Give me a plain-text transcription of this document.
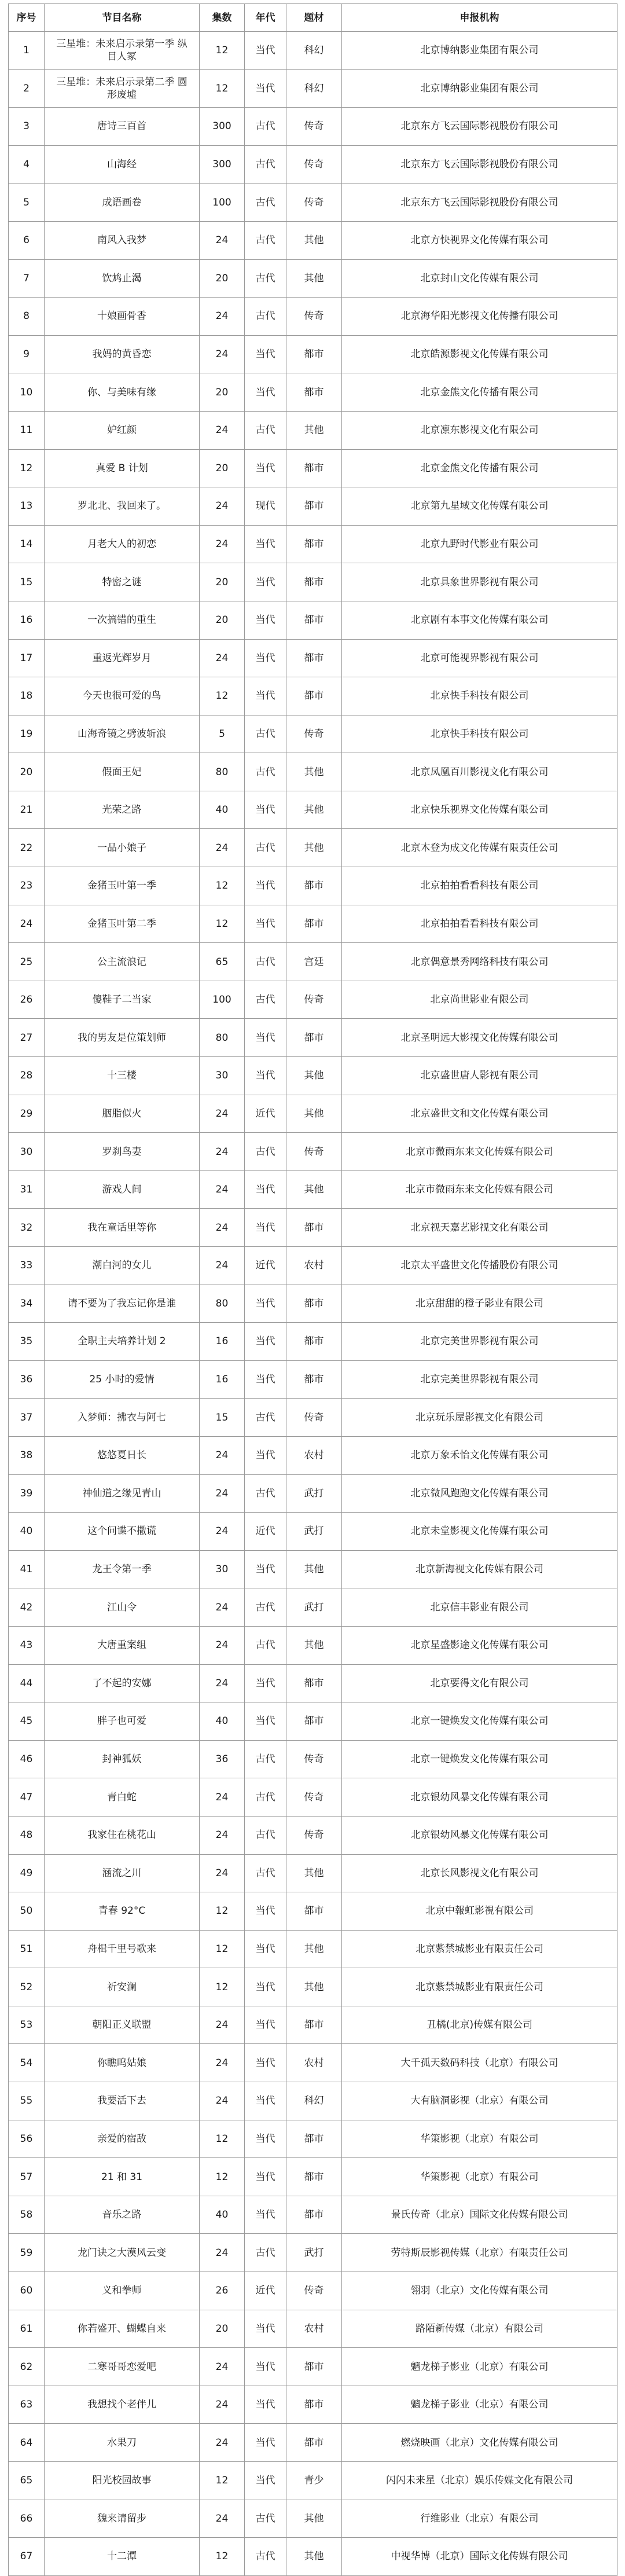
序号	节目名称	集数	年代	题材	申报机构
1	三星堆：未来启示录第一季 纵目人冢	12	当代	科幻	北京博纳影业集团有限公司
2	三星堆：未来启示录第二季 圆形废墟	12	当代	科幻	北京博纳影业集团有限公司
3	唐诗三百首	300	古代	传奇	北京东方飞云国际影视股份有限公司
4	山海经	300	古代	传奇	北京东方飞云国际影视股份有限公司
5	成语画卷	100	古代	传奇	北京东方飞云国际影视股份有限公司
6	南风入我梦	24	古代	其他	北京方快视界文化传媒有限公司
7	饮鸩止渴	20	古代	其他	北京封山文化传媒有限公司
8	十娘画骨香	24	古代	传奇	北京海华阳光影视文化传播有限公司
9	我妈的黄昏恋	24	当代	都市	北京皓源影视文化传媒有限公司
10	你、与美味有缘	20	当代	都市	北京金熊文化传播有限公司
11	妒红颜	24	古代	其他	北京凛东影视文化有限公司
12	真爱 B 计划	20	当代	都市	北京金熊文化传播有限公司
13	罗北北、我回来了。	24	现代	都市	北京第九星域文化传媒有限公司
14	月老大人的初恋	24	当代	都市	北京九野时代影业有限公司
15	特密之谜	20	当代	都市	北京具象世界影视有限公司
16	一次搞错的重生	20	当代	都市	北京剧有本事文化传媒有限公司
17	重返光辉岁月	24	当代	都市	北京可能视界影视有限公司
18	今天也很可爱的鸟	12	当代	都市	北京快手科技有限公司
19	山海奇镜之劈波斩浪	5	古代	传奇	北京快手科技有限公司
20	假面王妃	80	古代	其他	北京凤凰百川影视文化有限公司
21	光荣之路	40	当代	其他	北京快乐视界文化传媒有限公司
22	一品小娘子	24	古代	其他	北京木登为成文化传媒有限责任公司
23	金猪玉叶第一季	12	当代	都市	北京拍拍看看科技有限公司
24	金猪玉叶第二季	12	当代	都市	北京拍拍看看科技有限公司
25	公主流浪记	65	古代	宫廷	北京偶意景秀网络科技有限公司
26	傻鞋子二当家	100	古代	传奇	北京尚世影业有限公司
27	我的男友是位策划师	80	当代	都市	北京圣明远大影视文化传媒有限公司
28	十三楼	30	当代	其他	北京盛世唐人影视有限公司
29	胭脂似火	24	近代	其他	北京盛世文和文化传媒有限公司
30	罗刹鸟妻	24	古代	传奇	北京市微雨东来文化传媒有限公司
31	游戏人间	24	当代	其他	北京市微雨东来文化传媒有限公司
32	我在童话里等你	24	当代	都市	北京视天嘉艺影视文化有限公司
33	潮白河的女儿	24	近代	农村	北京太平盛世文化传播股份有限公司
34	请不要为了我忘记你是谁	80	当代	都市	北京甜甜的橙子影业有限公司
35	全职主夫培养计划 2	16	当代	都市	北京完美世界影视有限公司
36	25 小时的爱情	16	当代	都市	北京完美世界影视有限公司
37	入梦师：拂衣与阿七	15	古代	传奇	北京玩乐屋影视文化有限公司
38	悠悠夏日长	24	当代	农村	北京万象禾怡文化传媒有限公司
39	神仙道之缘见青山	24	古代	武打	北京微风跑跑文化传媒有限公司
40	这个问谍不撒谎	24	近代	武打	北京未堂影视文化传媒有限公司
41	龙王令第一季	30	当代	其他	北京新海视文化传媒有限公司
42	江山令	24	古代	武打	北京信丰影业有限公司
43	大唐重案组	24	古代	其他	北京星盛影途文化传媒有限公司
44	了不起的安娜	24	当代	都市	北京要得文化有限公司
45	胖子也可爱	40	当代	都市	北京一键焕发文化传媒有限公司
46	封神狐妖	36	古代	传奇	北京一键焕发文化传媒有限公司
47	青白蛇	24	古代	传奇	北京银幼风暴文化传媒有限公司
48	我家住在桃花山	24	古代	传奇	北京银幼风暴文化传媒有限公司
49	涵流之川	24	古代	其他	北京长风影视文化有限公司
50	青春 92°C	12	当代	都市	北京中報虹影視有限公司
51	舟楫千里号歌来	12	当代	其他	北京紫禁城影业有限责任公司
52	祈安澜	12	当代	其他	北京紫禁城影业有限责任公司
53	朝阳正义联盟	24	当代	都市	丑橘(北京)传媒有限公司
54	你瞧呜姑娘	24	当代	农村	大千孤天数码科技（北京）有限公司
55	我要活下去	24	当代	科幻	大有脑洞影视（北京）有限公司
56	亲爱的宿敌	12	当代	都市	华策影视（北京）有限公司
57	21 和 31	12	当代	都市	华策影视（北京）有限公司
58	音乐之路	40	当代	都市	景氏传奇（北京）国际文化传媒有限公司
59	龙门诀之大漠风云变	24	古代	武打	劳特斯辰影视传媒（北京）有限责任公司
60	义和拳师	26	近代	传奇	翎羽（北京）文化传媒有限公司
61	你若盛开、蝴蝶自来	20	当代	农村	路陌新传媒（北京）有限公司
62	二寒哥哥恋爱吧	24	当代	都市	魑龙梯子影业（北京）有限公司
63	我想找个老伴儿	24	当代	都市	魑龙梯子影业（北京）有限公司
64	水果刀	24	当代	都市	燃烧映画（北京）文化传媒有限公司
65	阳光校园故事	12	当代	青少	闪闪未来星（北京）娱乐传媒文化有限公司
66	魏来请留步	24	古代	其他	行维影业（北京）有限公司
67	十二潭	12	古代	其他	中视华博（北京）国际文化传媒有限公司
